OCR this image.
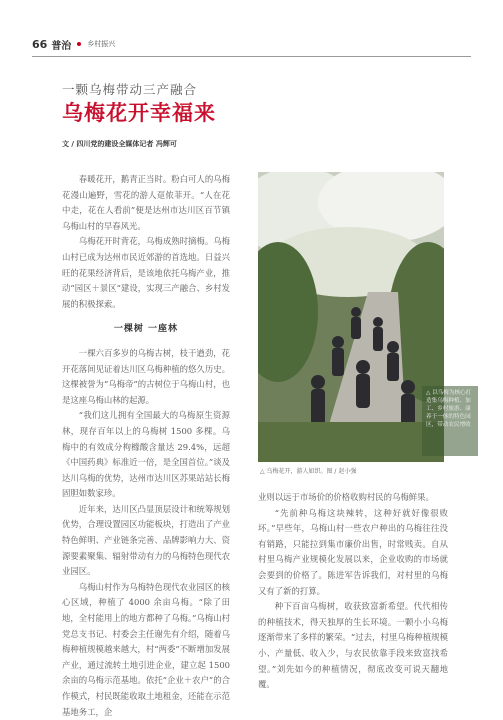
66 普治 乡村振兴
一颗乌梅带动三产融合
乌梅花开幸福来
文 / 四川党的建设全媒体记者 冯辉可

春暖花开，鹅青正当时。粉白可人的乌梅花漫山遍野，雪花的游人趸侬菲开。“人在花中走，花在人看前”便是达州市达川区百节镇乌梅山村的早春风光。

乌梅花开时背花，乌梅成熟时摘梅。乌梅山村已成为达州市民近郊游的首选地。日益兴旺的花果经济背后，是该地依托乌梅产业，推动“园区＋景区”建设，实现三产融合、乡村发展的积极探索。

一棵树 一座林

一棵六百多岁的乌梅古树，枝干遒劲，花开花落间见证着达川区乌梅种植的悠久历史。这棵被誉为“乌梅帝”的古树位于乌梅山村，也是这座乌梅山林的起源。

“我们这儿拥有全国最大的乌梅原生资源林，现存百年以上的乌梅树 1500 多棵。乌梅中的有效成分枸橼酸含量达 29.4%，远超《中国药典》标准近一倍，是全国首位。”谈及达川乌梅的优势，达州市达川区苏果站站长梅固胆如数家珍。

近年来，达川区凸显顶层设计和统筹规划优势，合理设置园区功能板块，打造出了产业特色鲜明、产业链条完善、品牌影响力大、资源要素聚集、辐射带动有力的乌梅特色现代农业园区。

乌梅山村作为乌梅特色现代农业园区的核心区域，种植了 4000 余亩乌梅。“除了田地，全村能用上的地方都种了乌梅。”乌梅山村党总支书记、村委会主任谢先有介绍，随着乌梅种植规模越来越大，村“两委”不断增加发展产业，通过流转土地引进企业，建立起 1500 余亩的乌梅示范基地。依托“企业＋农户”的合作模式，村民既能收取土地租金，还能在示范基地务工，企

△ 以乌梅为核心打造集乌梅种植、加工、乡村旅游、康养于一体的特色园区，带动农民增收
△ 乌梅花开，游人如织。图 / 赵小强

业则以远于市场价的价格收购村民的乌梅鲜果。

“先前种乌梅这块辣转，这种好就好像很败坏。”早些年，乌梅山村一些农户种出的乌梅往往没有销路，只能拉到集市廉价出售，时常贱卖。自从村里乌梅产业规模化发展以来，企业收购的市场就会要到的价格了。陈进军告诉我们，对村里的乌梅又有了新的打算。

种下百亩乌梅树，收获致富新希望。代代相传的种植技术，得天独厚的生长环境。一颗小小乌梅逐渐带来了多样的繁荣。“过去，村里乌梅种植规模小、产量低、收入少，与农民依靠手段来致富找希望。”刘先如今的种植情况，彻底改变可说天翻地覆。
